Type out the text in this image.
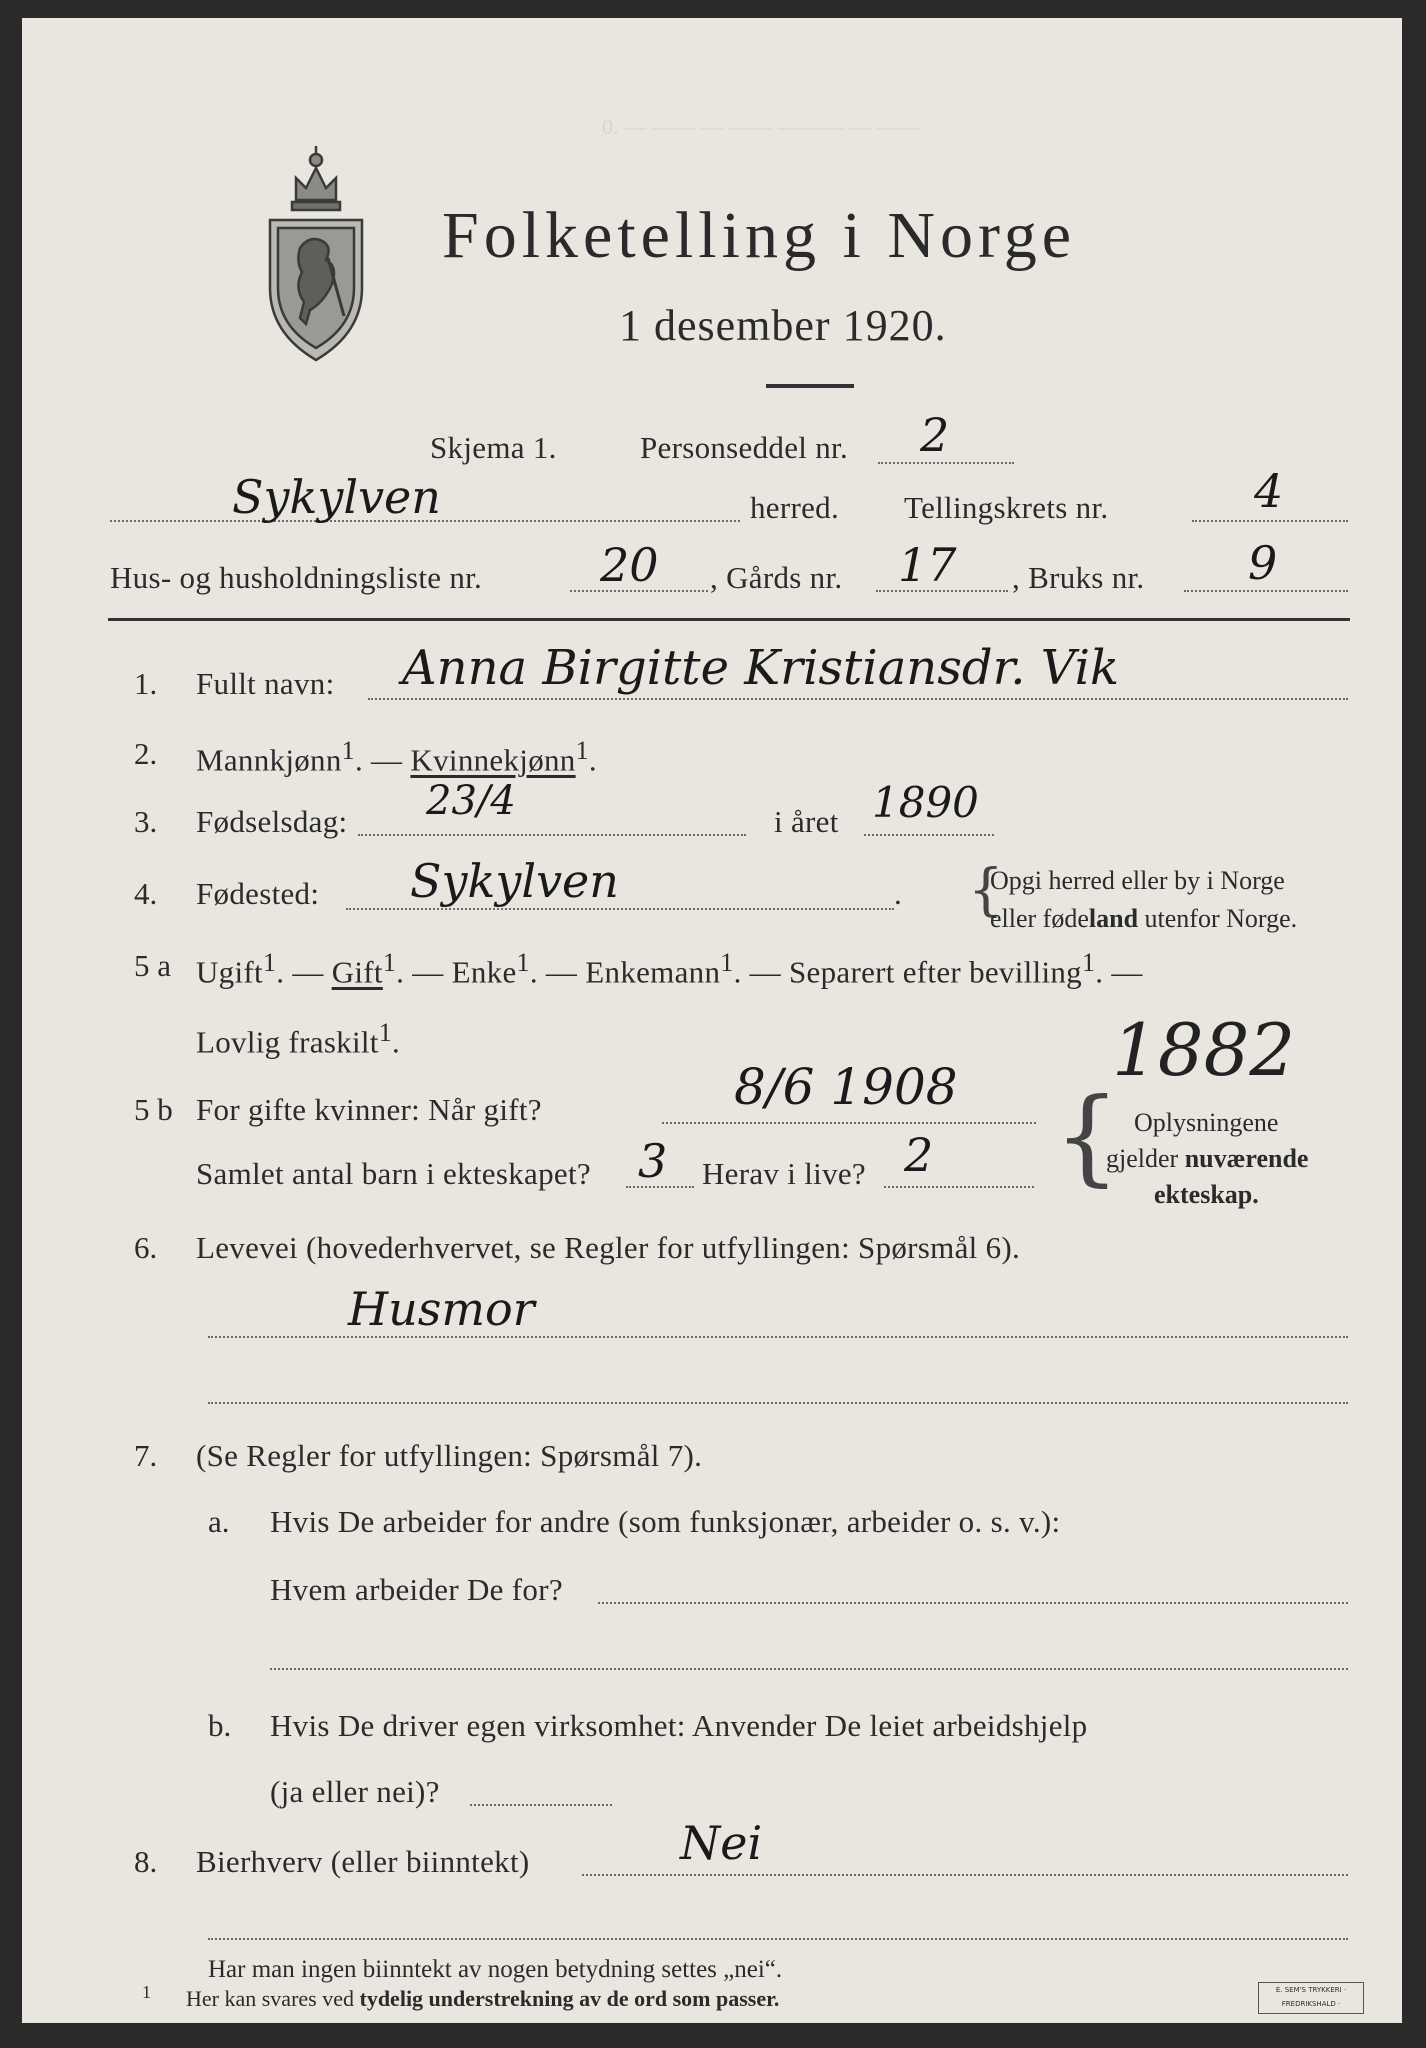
Folketelling i Norge
1 desember 1920.
0. — —— — —— ——— — ——
Skjema 1.	Personseddel nr. 2
Sykylven	herred. Tellingskrets nr.	4
Hus- og husholdningsliste nr.	20 , Gårds nr. 17 , Bruks nr. 9
1. Fullt navn: Anna Birgitte Kristiansdr. Vik
2. Mannkjønn$^1$. — Kvinnekjønn$^1$.
3. Fødselsdag: 23/4	i året 1890
4. Fødested: Sykylven	. {
Opgi herred eller by i Norge
eller fødeland utenfor Norge.
5 a Ugift$^1$. — Gift$^1$. — Enke$^1$. — Enkemann$^1$. — Separert efter bevilling$^1$. —
Lovlig fraskilt$^1$.	1882
5 b For gifte kvinner: Når gift?	8/6 1908
Samlet antal barn i ekteskapet? 3 Herav i live? 2 { Oplysningene
gjelder nuværende
ekteskap.
6. Levevei (hovederhvervet, se Regler for utfyllingen: Spørsmål 6).
Husmor
7. (Se Regler for utfyllingen: Spørsmål 7).
a. Hvis De arbeider for andre (som funksjonær, arbeider o. s. v.):
Hvem arbeider De for?
b. Hvis De driver egen virksomhet: Anvender De leiet arbeidshjelp
(ja eller nei)?
8. Bierhverv (eller biinntekt)	Nei
Har man ingen biinntekt av nogen betydning settes „nei“.
1 Her kan svares ved tydelig understrekning av de ord som passer.	E. SEM'S TRYKKERI · FREDRIKSHALD ·
